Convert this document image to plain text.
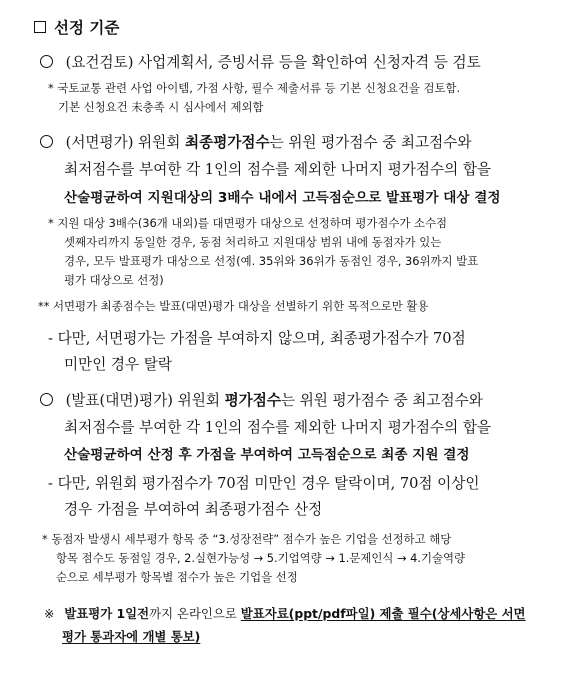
선정 기준
(요건검토) 사업계획서, 증빙서류 등을 확인하여 신청자격 등 검토
* 국토교통 관련 사업 아이템, 가점 사항, 필수 제출서류 등 기본 신청요건을 검토함.
기본 신청요건 未충족 시 심사에서 제외함
(서면평가) 위원회 최종평가점수는 위원 평가점수 중 최고점수와
최저점수를 부여한 각 1인의 점수를 제외한 나머지 평가점수의 합을
산술평균하여 지원대상의 3배수 내에서 고득점순으로 발표평가 대상 결정
* 지원 대상 3배수(36개 내외)를 대면평가 대상으로 선정하며 평가점수가 소수점
셋째자리까지 동일한 경우, 동점 처리하고 지원대상 범위 내에 동점자가 있는
경우, 모두 발표평가 대상으로 선정(예. 35위와 36위가 동점인 경우, 36위까지 발표
평가 대상으로 선정)
** 서면평가 최종점수는 발표(대면)평가 대상을 선별하기 위한 목적으로만 활용
- 다만, 서면평가는 가점을 부여하지 않으며, 최종평가점수가 70점
미만인 경우 탈락
(발표(대면)평가) 위원회 평가점수는 위원 평가점수 중 최고점수와
최저점수를 부여한 각 1인의 점수를 제외한 나머지 평가점수의 합을
산술평균하여 산정 후 가점을 부여하여 고득점순으로 최종 지원 결정
- 다만, 위원회 평가점수가 70점 미만인 경우 탈락이며, 70점 이상인
경우 가점을 부여하여 최종평가점수 산정
* 동점자 발생시 세부평가 항목 중 “3.성장전략” 점수가 높은 기업을 선정하고 해당
항목 점수도 동점일 경우, 2.실현가능성 → 5.기업역량 → 1.문제인식 → 4.기술역량
순으로 세부평가 항목별 점수가 높은 기업을 선정
※ 발표평가 1일전까지 온라인으로 발표자료(ppt/pdf파일) 제출 필수(상세사항은 서면
평가 통과자에 개별 통보)
